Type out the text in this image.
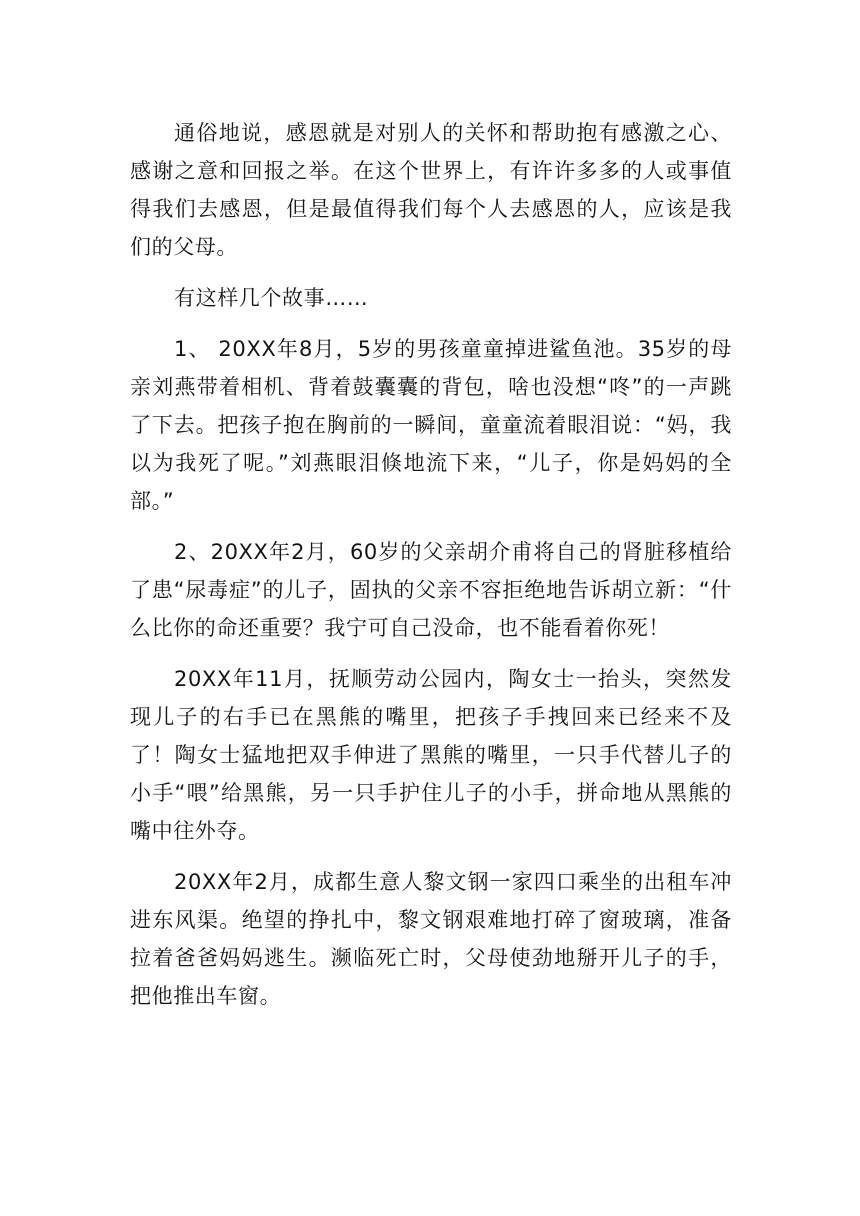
通俗地说，感恩就是对别人的关怀和帮助抱有感激之心、感谢之意和回报之举。在这个世界上，有许许多多的人或事值得我们去感恩，但是最值得我们每个人去感恩的人，应该是我们的父母。

有这样几个故事……

1、 20XX年8月，5岁的男孩童童掉进鲨鱼池。35岁的母亲刘燕带着相机、背着鼓囊囊的背包，啥也没想“咚”的一声跳了下去。把孩子抱在胸前的一瞬间，童童流着眼泪说：“妈，我以为我死了呢。”刘燕眼泪倏地流下来，“儿子，你是妈妈的全部。”

2、20XX年2月，60岁的父亲胡介甫将自己的肾脏移植给了患“尿毒症”的儿子，固执的父亲不容拒绝地告诉胡立新：“什么比你的命还重要？我宁可自己没命，也不能看着你死！

20XX年11月，抚顺劳动公园内，陶女士一抬头，突然发现儿子的右手已在黑熊的嘴里，把孩子手拽回来已经来不及了！陶女士猛地把双手伸进了黑熊的嘴里，一只手代替儿子的小手“喂”给黑熊，另一只手护住儿子的小手，拼命地从黑熊的嘴中往外夺。

20XX年2月，成都生意人黎文钢一家四口乘坐的出租车冲进东风渠。绝望的挣扎中，黎文钢艰难地打碎了窗玻璃，准备拉着爸爸妈妈逃生。濒临死亡时，父母使劲地掰开儿子的手，把他推出车窗。
